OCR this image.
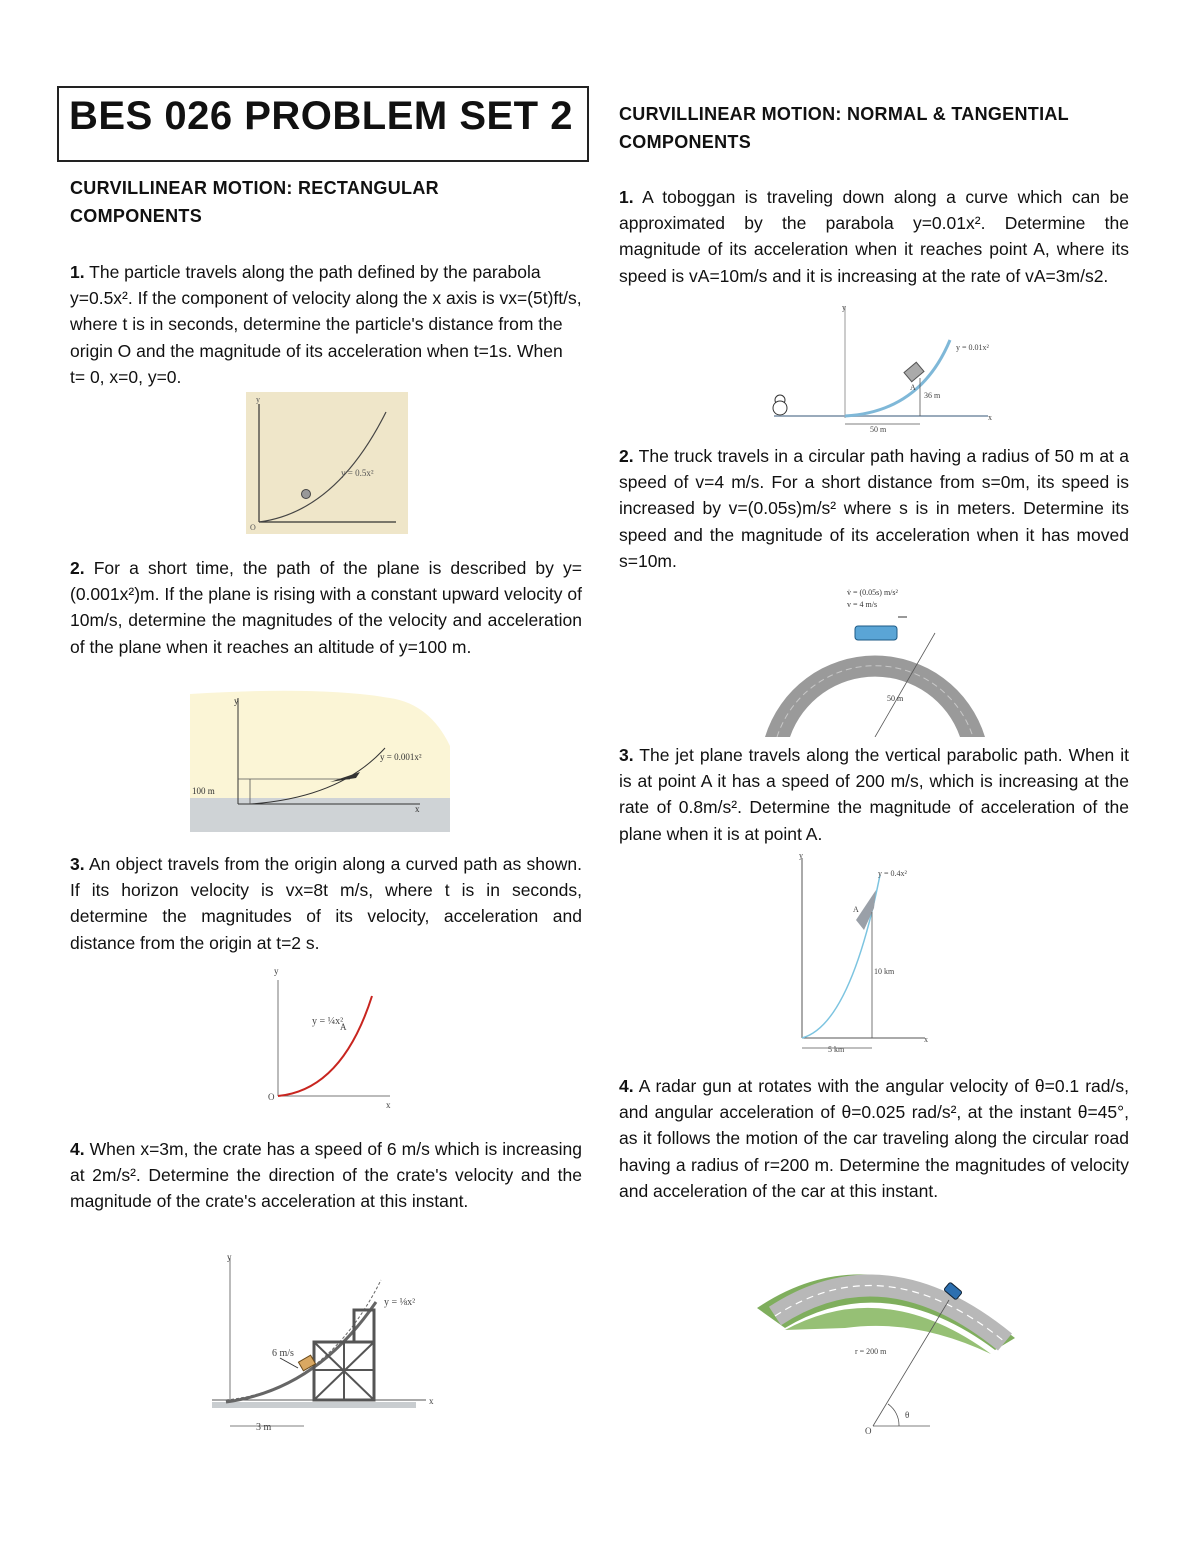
BES 026 PROBLEM SET 2
CURVILLINEAR MOTION: RECTANGULAR COMPONENTS
1. The particle travels along the path defined by the parabola y=0.5x². If the component of velocity along the x axis is vx=(5t)ft/s, where t is in seconds, determine the particle's distance from the origin O and the magnitude of its acceleration when t=1s. When t= 0, x=0, y=0.
y = 0.5x²
y
O
2. For a short time, the path of the plane is described by y=(0.001x²)m. If the plane is rising with a constant upward velocity of 10m/s, determine the magnitudes of the velocity and acceleration of the plane when it reaches an altitude of y=100 m.
100 m
y = 0.001x²
y
x
3. An object travels from the origin along a curved path as shown. If its horizon velocity is vx=8t m/s, where t is in seconds, determine the magnitudes of its velocity, acceleration and distance from the origin at t=2 s.
y = ¼x²
A
O
y
x
4. When x=3m, the crate has a speed of 6 m/s which is increasing at 2m/s². Determine the direction of the crate's velocity and the magnitude of the crate's acceleration at this instant.
6 m/s
y = ⅛x²
3 m
y
x
CURVILLINEAR MOTION: NORMAL & TANGENTIAL COMPONENTS
1. A toboggan is traveling down along a curve which can be approximated by the parabola y=0.01x². Determine the magnitude of its acceleration when it reaches point A, where its speed is vA=10m/s and it is increasing at the rate of vA=3m/s2.
y = 0.01x²
A
36 m
50 m
y
x
2. The truck travels in a circular path having a radius of 50 m at a speed of v=4 m/s. For a short distance from s=0m, its speed is increased by v=(0.05s)m/s² where s is in meters. Determine its speed and the magnitude of its acceleration when it has moved s=10m.
v̇ = (0.05s) m/s²
v = 4 m/s
50 m
3. The jet plane travels along the vertical parabolic path. When it is at point A it has a speed of 200 m/s, which is increasing at the rate of 0.8m/s². Determine the magnitude of acceleration of the plane when it is at point A.
y = 0.4x²
A
10 km
5 km
y
x
4. A radar gun at rotates with the angular velocity of θ=0.1 rad/s, and angular acceleration of θ=0.025 rad/s², at the instant θ=45°, as it follows the motion of the car traveling along the circular road having a radius of r=200 m. Determine the magnitudes of velocity and acceleration of the car at this instant.
r = 200 m
θ
O
